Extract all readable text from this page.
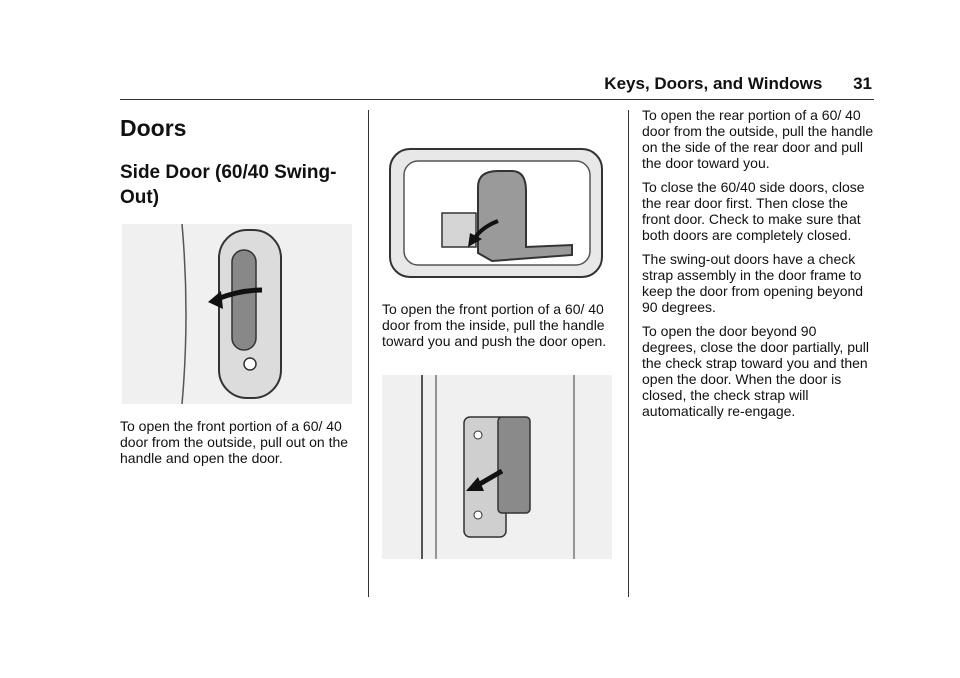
Keys, Doors, and Windows 31
Doors
Side Door (60/40 Swing-Out)

To open the front portion of a 60/ 40 door from the outside, pull out on the handle and open the door.

To open the front portion of a 60/ 40 door from the inside, pull the handle toward you and push the door open.

To open the rear portion of a 60/ 40 door from the outside, pull the handle on the side of the rear door and pull the door toward you.

To close the 60/40 side doors, close the rear door first. Then close the front door. Check to make sure that both doors are completely closed.

The swing-out doors have a check strap assembly in the door frame to keep the door from opening beyond 90 degrees.

To open the door beyond 90 degrees, close the door partially, pull the check strap toward you and then open the door. When the door is closed, the check strap will automatically re-engage.
